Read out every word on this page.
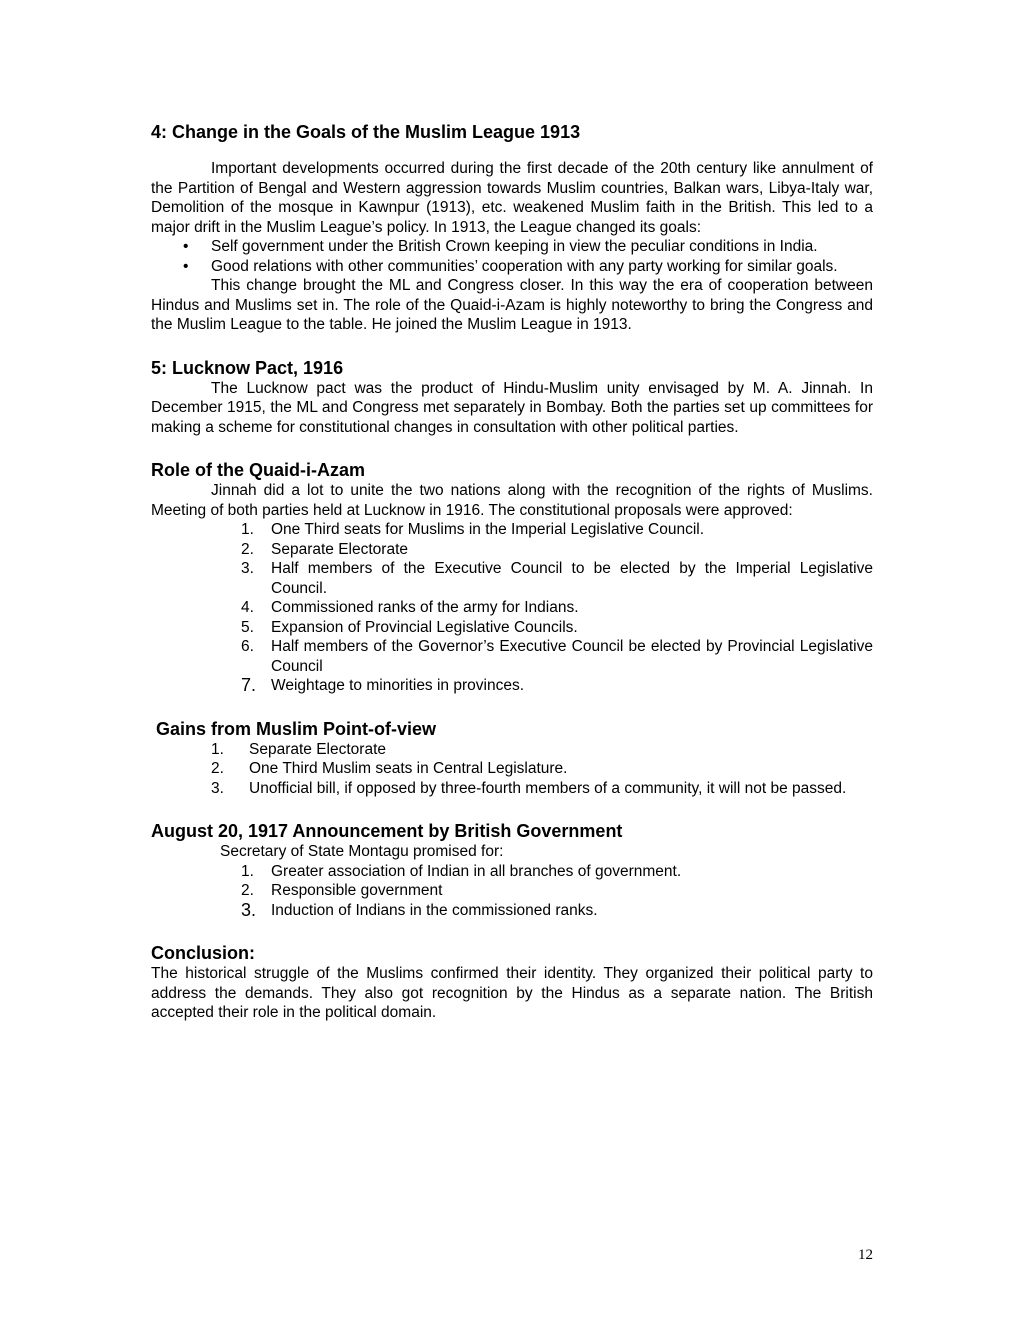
4: Change in the Goals of the Muslim League 1913

Important developments occurred during the first decade of the 20th century like annulment of the Partition of Bengal and Western aggression towards Muslim countries, Balkan wars, Libya-Italy war, Demolition of the mosque in Kawnpur (1913), etc. weakened Muslim faith in the British. This led to a major drift in the Muslim League’s policy. In 1913, the League changed its goals:

• Self government under the British Crown keeping in view the peculiar conditions in India.
• Good relations with other communities’ cooperation with any party working for similar goals.

This change brought the ML and Congress closer. In this way the era of cooperation between Hindus and Muslims set in. The role of the Quaid-i-Azam is highly noteworthy to bring the Congress and the Muslim League to the table. He joined the Muslim League in 1913.

5: Lucknow Pact, 1916

The Lucknow pact was the product of Hindu-Muslim unity envisaged by M. A. Jinnah. In December 1915, the ML and Congress met separately in Bombay. Both the parties set up committees for making a scheme for constitutional changes in consultation with other political parties.

Role of the Quaid-i-Azam

Jinnah did a lot to unite the two nations along with the recognition of the rights of Muslims. Meeting of both parties held at Lucknow in 1916. The constitutional proposals were approved:

1. One Third seats for Muslims in the Imperial Legislative Council.
2. Separate Electorate
3. Half members of the Executive Council to be elected by the Imperial Legislative Council.
4. Commissioned ranks of the army for Indians.
5. Expansion of Provincial Legislative Councils.
6. Half members of the Governor’s Executive Council be elected by Provincial Legislative Council
7. Weightage to minorities in provinces.
Gains from Muslim Point-of-view
1. Separate Electorate
2. One Third Muslim seats in Central Legislature.
3. Unofficial bill, if opposed by three-fourth members of a community, it will not be passed.
August 20, 1917 Announcement by British Government

Secretary of State Montagu promised for:

1. Greater association of Indian in all branches of government.
2. Responsible government
3. Induction of Indians in the commissioned ranks.
Conclusion:

The historical struggle of the Muslims confirmed their identity. They organized their political party to address the demands. They also got recognition by the Hindus as a separate nation. The British accepted their role in the political domain.

12
